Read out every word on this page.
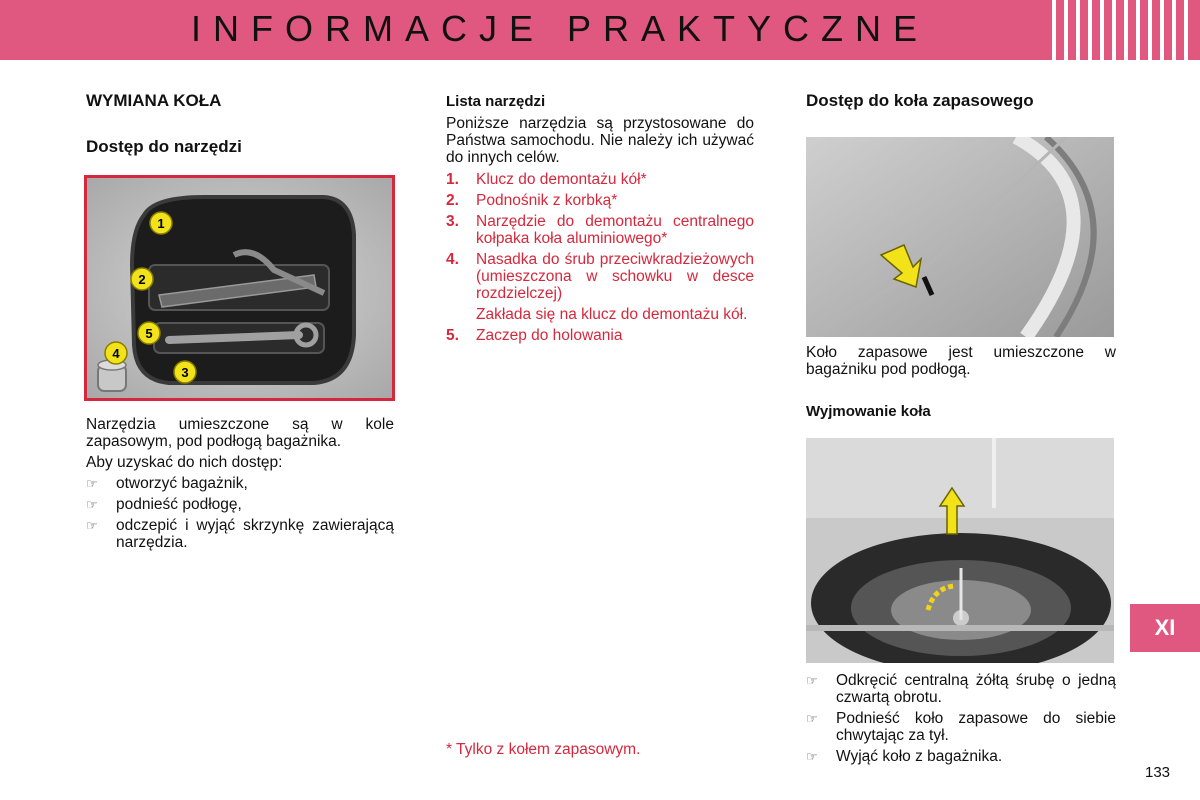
INFORMACJE PRAKTYCZNE
WYMIANA KOŁA
Dostęp do narzędzi
1
2
5
4
3

Narzędzia umieszczone są w kole zapasowym, pod podłogą bagażnika.

Aby uzyskać do nich dostęp:

☞ otworzyć bagażnik,
☞ podnieść podłogę,
☞ odczepić i wyjąć skrzynkę zawierającą narzędzia.
Lista narzędzi

Poniższe narzędzia są przystosowane do Państwa samochodu. Nie należy ich używać do innych celów.

1. Klucz do demontażu kół*
2. Podnośnik z korbką*
3. Narzędzie do demontażu centralnego kołpaka koła aluminiowego*
4. Nasadka do śrub przeciwkradzieżowych (umieszczona w schowku w desce rozdzielczej)
Zakłada się na klucz do demontażu kół.
5. Zaczep do holowania
* Tylko z kołem zapasowym.
Dostęp do koła zapasowego
Koło zapasowe jest umieszczone w bagażniku pod podłogą.
Wyjmowanie koła
☞ Odkręcić centralną żółtą śrubę o jedną czwartą obrotu.
☞ Podnieść koło zapasowe do siebie chwytając za tył.
☞ Wyjąć koło z bagażnika.
XI
133
